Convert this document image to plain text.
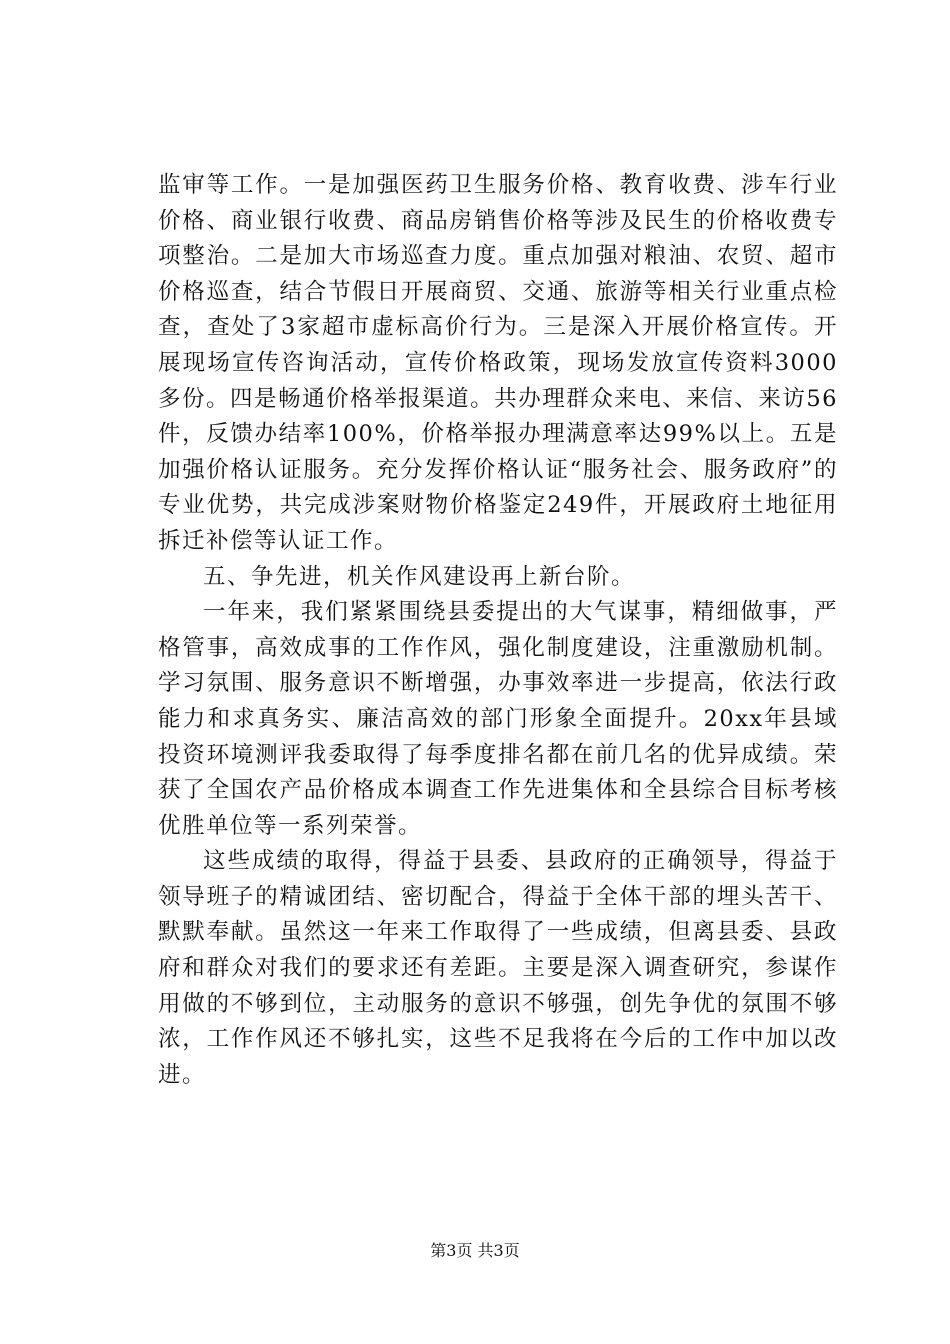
监审等工作。一是加强医药卫生服务价格、教育收费、涉车行业价格、商业银行收费、商品房销售价格等涉及民生的价格收费专项整治。二是加大市场巡查力度。重点加强对粮油、农贸、超市价格巡查，结合节假日开展商贸、交通、旅游等相关行业重点检查，查处了3家超市虚标高价行为。三是深入开展价格宣传。开展现场宣传咨询活动，宣传价格政策，现场发放宣传资料3000多份。四是畅通价格举报渠道。共办理群众来电、来信、来访56件，反馈办结率100%，价格举报办理满意率达99%以上。五是加强价格认证服务。充分发挥价格认证“服务社会、服务政府”的专业优势，共完成涉案财物价格鉴定249件，开展政府土地征用拆迁补偿等认证工作。

五、争先进，机关作风建设再上新台阶。

一年来，我们紧紧围绕县委提出的大气谋事，精细做事，严格管事，高效成事的工作作风，强化制度建设，注重激励机制。学习氛围、服务意识不断增强，办事效率进一步提高，依法行政能力和求真务实、廉洁高效的部门形象全面提升。20xx年县域投资环境测评我委取得了每季度排名都在前几名的优异成绩。荣获了全国农产品价格成本调查工作先进集体和全县综合目标考核优胜单位等一系列荣誉。

这些成绩的取得，得益于县委、县政府的正确领导，得益于领导班子的精诚团结、密切配合，得益于全体干部的埋头苦干、默默奉献。虽然这一年来工作取得了一些成绩，但离县委、县政府和群众对我们的要求还有差距。主要是深入调查研究，参谋作用做的不够到位，主动服务的意识不够强，创先争优的氛围不够浓，工作作风还不够扎实，这些不足我将在今后的工作中加以改进。

第3页 共3页
